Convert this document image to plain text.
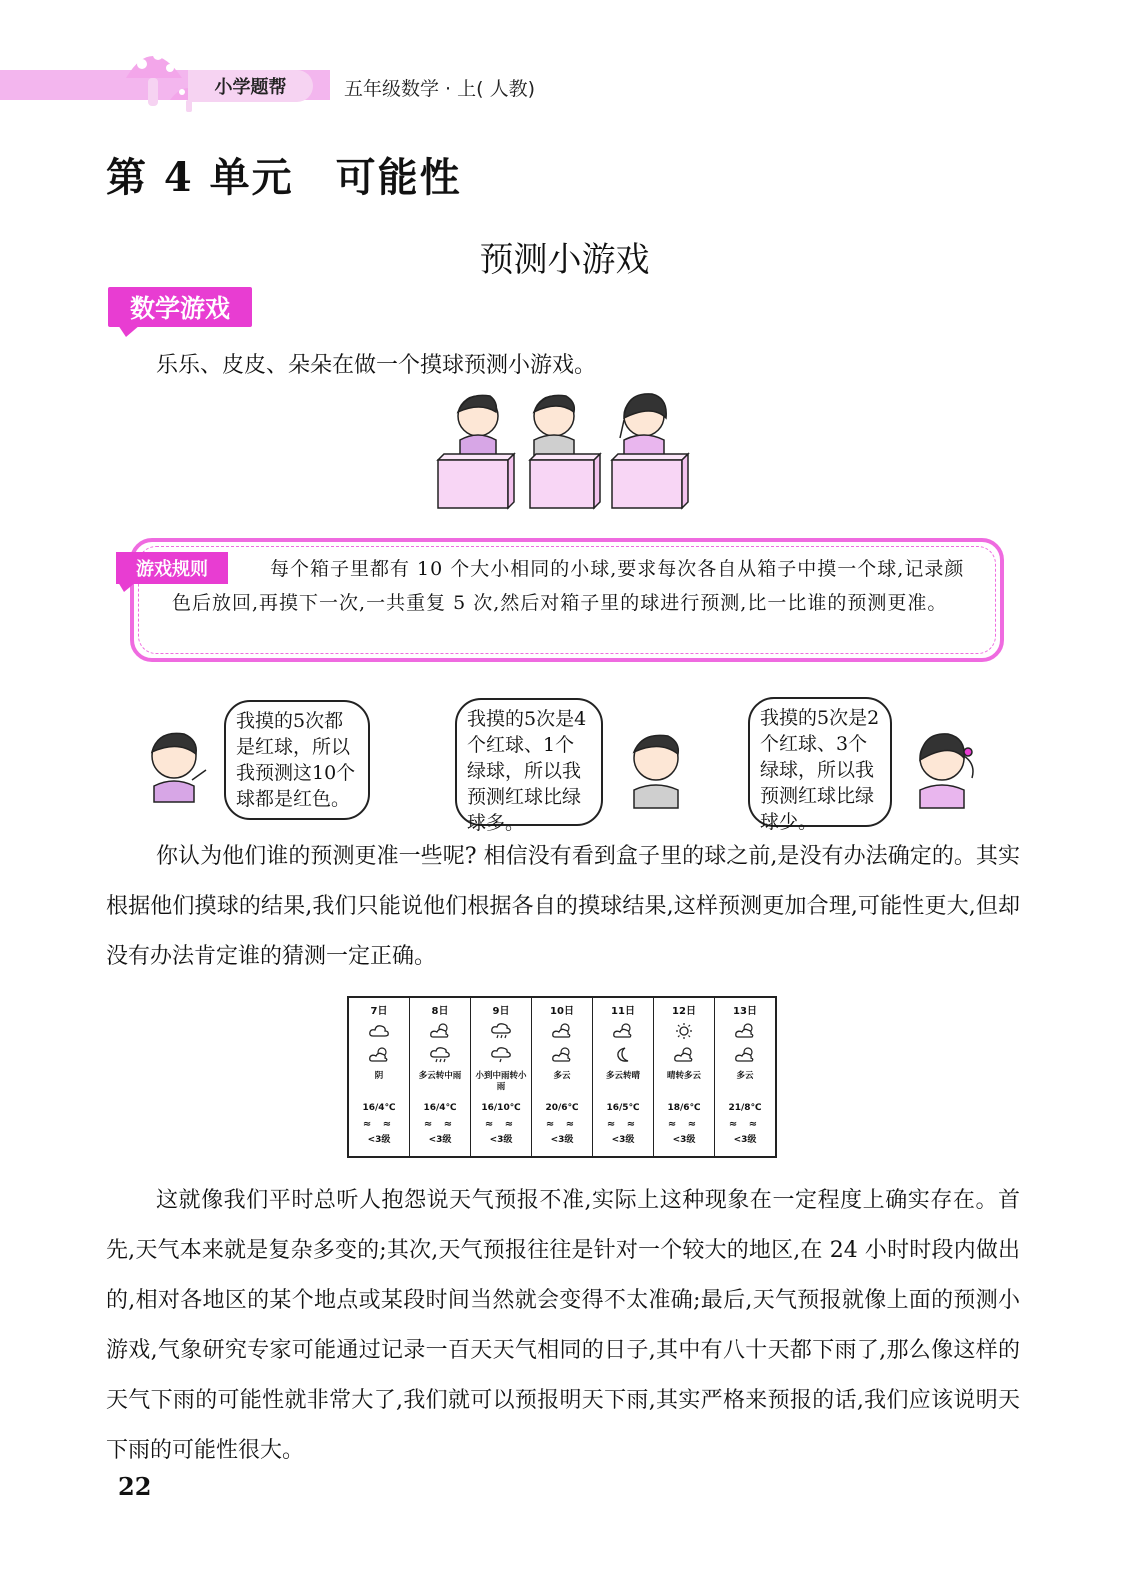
小学题帮	五年级数学 · 上( 人教)
第 4 单元　可能性
预测小游戏
数学游戏
乐乐、皮皮、朵朵在做一个摸球预测小游戏。
游戏规则	每个箱子里都有 10 个大小相同的小球,要求每次各自从箱子中摸一个球,记录颜色后放回,再摸下一次,一共重复 5 次,然后对箱子里的球进行预测,比一比谁的预测更准。
我摸的5次都是红球，所以我预测这10个球都是红色。
我摸的5次是4个红球、1个绿球，所以我预测红球比绿球多。
我摸的5次是2个红球、3个绿球，所以我预测红球比绿球少。
你认为他们谁的预测更准一些呢? 相信没有看到盒子里的球之前,是没有办法确定的。其实根据他们摸球的结果,我们只能说他们根据各自的摸球结果,这样预测更加合理,可能性更大,但却没有办法肯定谁的猜测一定正确。
7日
阴
16/4℃
≈ ≈
<3级
8日
多云转中雨
16/4℃
≈ ≈
<3级
9日
小到中雨转小雨
16/10℃
≈ ≈
<3级
10日
多云
20/6℃
≈ ≈
<3级
11日
多云转晴
16/5℃
≈ ≈
<3级
12日
晴转多云
18/6℃
≈ ≈
<3级
13日
多云
21/8℃
≈ ≈
<3级
这就像我们平时总听人抱怨说天气预报不准,实际上这种现象在一定程度上确实存在。首先,天气本来就是复杂多变的;其次,天气预报往往是针对一个较大的地区,在 24 小时时段内做出的,相对各地区的某个地点或某段时间当然就会变得不太准确;最后,天气预报就像上面的预测小游戏,气象研究专家可能通过记录一百天天气相同的日子,其中有八十天都下雨了,那么像这样的天气下雨的可能性就非常大了,我们就可以预报明天下雨,其实严格来预报的话,我们应该说明天下雨的可能性很大。
22
